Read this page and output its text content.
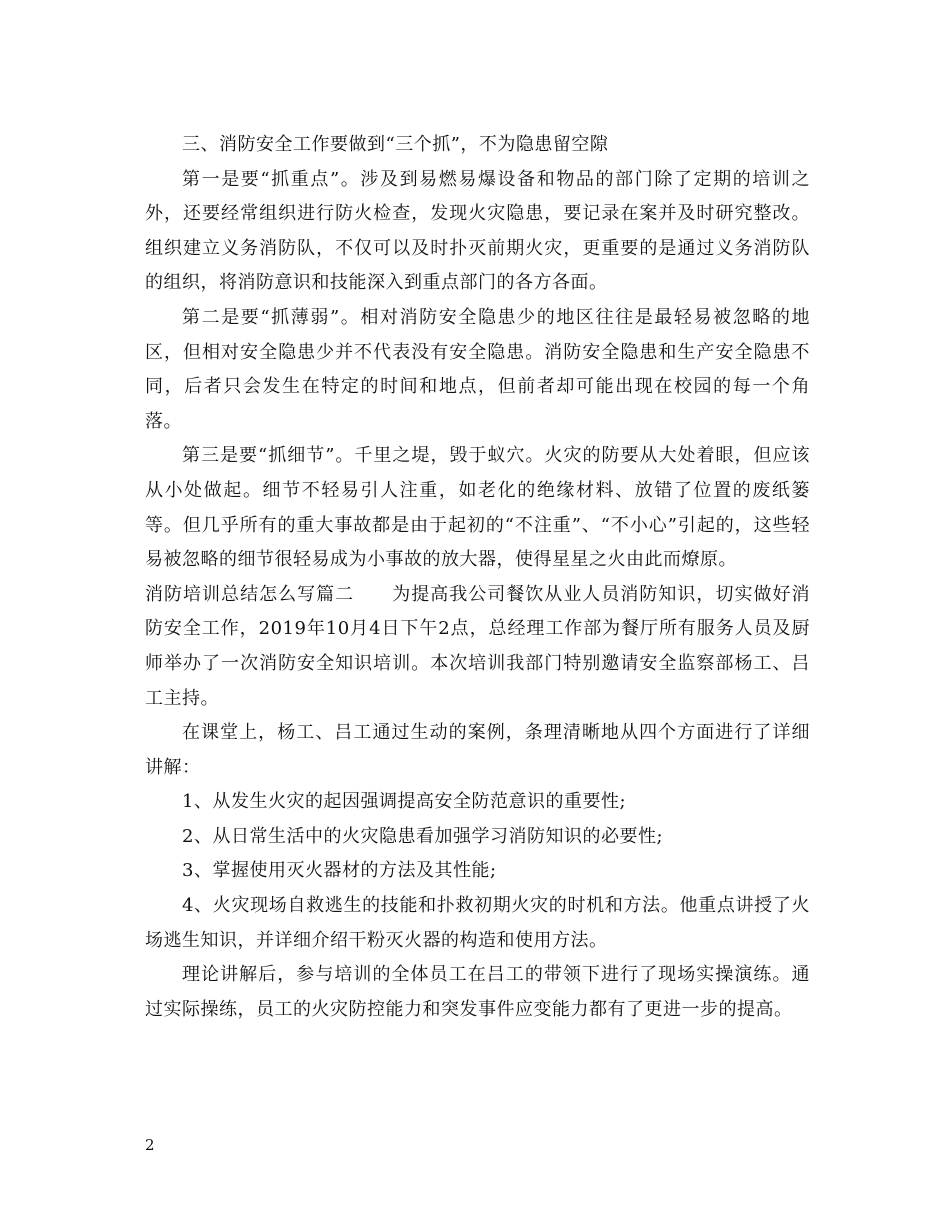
三、消防安全工作要做到“三个抓”，不为隐患留空隙

第一是要“抓重点”。涉及到易燃易爆设备和物品的部门除了定期的培训之外，还要经常组织进行防火检查，发现火灾隐患，要记录在案并及时研究整改。组织建立义务消防队，不仅可以及时扑灭前期火灾，更重要的是通过义务消防队的组织，将消防意识和技能深入到重点部门的各方各面。

第二是要“抓薄弱”。相对消防安全隐患少的地区往往是最轻易被忽略的地区，但相对安全隐患少并不代表没有安全隐患。消防安全隐患和生产安全隐患不同，后者只会发生在特定的时间和地点，但前者却可能出现在校园的每一个角落。

第三是要“抓细节”。千里之堤，毁于蚁穴。火灾的防要从大处着眼，但应该从小处做起。细节不轻易引人注重，如老化的绝缘材料、放错了位置的废纸篓等。但几乎所有的重大事故都是由于起初的“不注重”、“不小心”引起的，这些轻易被忽略的细节很轻易成为小事故的放大器，使得星星之火由此而燎原。

消防培训总结怎么写篇二　　为提高我公司餐饮从业人员消防知识，切实做好消防安全工作，2019年10月4日下午2点，总经理工作部为餐厅所有服务人员及厨师举办了一次消防安全知识培训。本次培训我部门特别邀请安全监察部杨工、吕工主持。

在课堂上，杨工、吕工通过生动的案例，条理清晰地从四个方面进行了详细讲解：

1、从发生火灾的起因强调提高安全防范意识的重要性;

2、从日常生活中的火灾隐患看加强学习消防知识的必要性;

3、掌握使用灭火器材的方法及其性能;

4、火灾现场自救逃生的技能和扑救初期火灾的时机和方法。他重点讲授了火场逃生知识，并详细介绍干粉灭火器的构造和使用方法。

理论讲解后，参与培训的全体员工在吕工的带领下进行了现场实操演练。通过实际操练，员工的火灾防控能力和突发事件应变能力都有了更进一步的提高。

2
